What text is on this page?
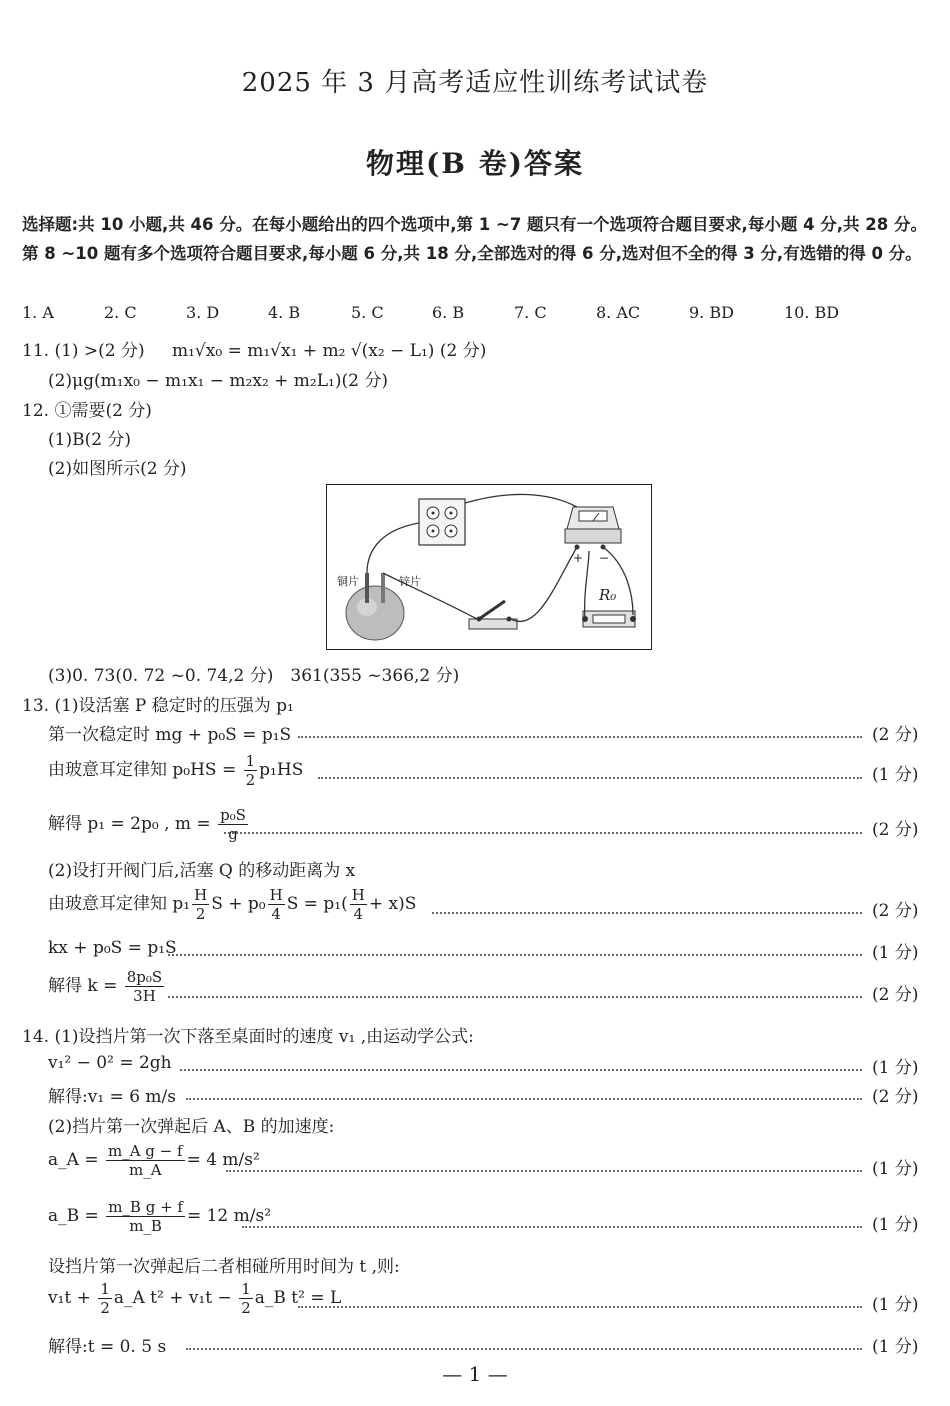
2025 年 3 月高考适应性训练考试试卷
物理(B 卷)答案
选择题:共 10 小题,共 46 分。在每小题给出的四个选项中,第 1 ~7 题只有一个选项符合题目要求,每小题 4 分,共 28 分。第 8 ~10 题有多个选项符合题目要求,每小题 6 分,共 18 分,全部选对的得 6 分,选对但不全的得 3 分,有选错的得 0 分。
1. A	2. C	3. D	4. B	5. C	6. B	7. C	8. AC	9. BD	10. BD
11. (1) >(2 分) m₁√x₀ = m₁√x₁ + m₂ √(x₂ − L₁) (2 分)
(2)μg(m₁x₀ − m₁x₁ − m₂x₂ + m₂L₁)(2 分)
12. ①需要(2 分)
(1)B(2 分)
(2)如图所示(2 分)
+ −
R₀
铜片	锌片
(3)0. 73(0. 72 ~0. 74,2 分)　361(355 ~366,2 分)
13. (1)设活塞 P 稳定时的压强为 p₁
第一次稳定时 mg + p₀S = p₁S	(2 分)
由玻意耳定律知 $p_0HS = \frac{1}{2} p_1HS$	(1 分)
解得 p₁ = 2p₀ , $m = \frac{\text{p₀S}}{g}$	(2 分)
(2)设打开阀门后,活塞 Q 的移动距离为 x
由玻意耳定律知 $p_1 \frac{H}{2}$ $S + p_0 \frac{H}{4}$ $S = p_1( \frac{H}{4} + x)S$	(2 分)
kx + p₀S = p₁S	(1 分)
解得 $k = \frac{\text{8p₀S}}{3H}$	(2 分)
14. (1)设挡片第一次下落至桌面时的速度 v₁ ,由运动学公式:
v₁² − 0² = 2gh	(1 分)
解得:v₁ = 6 m/s	(2 分)
(2)挡片第一次弹起后 A、B 的加速度:
a_A = $\frac{\text{m\_A g − f}}{m\_A} = 4$ m/s²	(1 分)
a_B = $\frac{\text{m\_B g + f}}{m\_B} = 12$ m/s²	(1 分)
设挡片第一次弹起后二者相碰所用时间为 t ,则:
$v_1t + \frac{1}{2}$ a_A $t^2 + v_1t - \frac{1}{2}$ a_B t² = L	(1 分)
解得:t = 0. 5 s	(1 分)
— 1 —
